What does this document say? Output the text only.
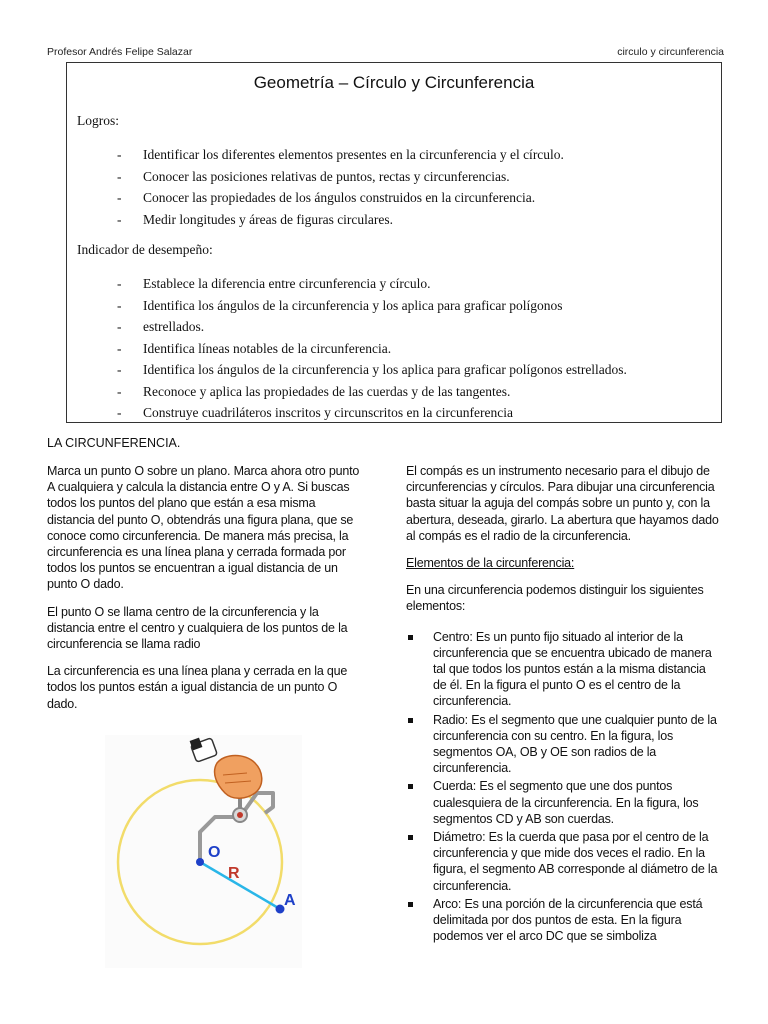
Profesor Andrés Felipe Salazar	circulo y circunferencia
Geometría – Círculo y Circunferencia
Logros:
- Identificar los diferentes elementos presentes en la circunferencia y el círculo.
- Conocer las posiciones relativas de puntos, rectas y circunferencias.
- Conocer las propiedades de los ángulos construidos en la circunferencia.
- Medir longitudes y áreas de figuras circulares.
Indicador de desempeño:
- Establece la diferencia entre circunferencia y círculo.
- Identifica los ángulos de la circunferencia y los aplica para graficar polígonos
- estrellados.
- Identifica líneas notables de la circunferencia.
- Identifica los ángulos de la circunferencia y los aplica para graficar polígonos estrellados.
- Reconoce y aplica las propiedades de las cuerdas y de las tangentes.
- Construye cuadriláteros inscritos y circunscritos en la circunferencia
LA CIRCUNFERENCIA.

Marca un punto O sobre un plano. Marca ahora otro punto A cualquiera y calcula la distancia entre O y A. Si buscas todos los puntos del plano que están a esa misma distancia del punto O, obtendrás una figura plana, que se conoce como circunferencia. De manera más precisa, la circunferencia es una línea plana y cerrada formada por todos los puntos se encuentran a igual distancia de un punto O dado.

El punto O se llama centro de la circunferencia y la distancia entre el centro y cualquiera de los puntos de la circunferencia se llama radio

La circunferencia es una línea plana y cerrada en la que todos los puntos están a igual distancia de un punto O dado.

O
R
A

El compás es un instrumento necesario para el dibujo de circunferencias y círculos. Para dibujar una circunferencia basta situar la aguja del compás sobre un punto y, con la abertura, deseada, girarlo. La abertura que hayamos dado al compás es el radio de la circunferencia.

Elementos de la circunferencia:

En una circunferencia podemos distinguir los siguientes elementos:

Centro: Es un punto fijo situado al interior de la circunferencia que se encuentra ubicado de manera tal que todos los puntos están a la misma distancia de él. En la figura el punto O es el centro de la circunferencia.
Radio: Es el segmento que une cualquier punto de la circunferencia con su centro. En la figura, los segmentos OA, OB y OE son radios de la circunferencia.
Cuerda: Es el segmento que une dos puntos cualesquiera de la circunferencia. En la figura, los segmentos CD y AB son cuerdas.
Diámetro: Es la cuerda que pasa por el centro de la circunferencia y que mide dos veces el radio. En la figura, el segmento AB corresponde al diámetro de la circunferencia.
Arco: Es una porción de la circunferencia que está delimitada por dos puntos de esta. En la figura podemos ver el arco DC que se simboliza
